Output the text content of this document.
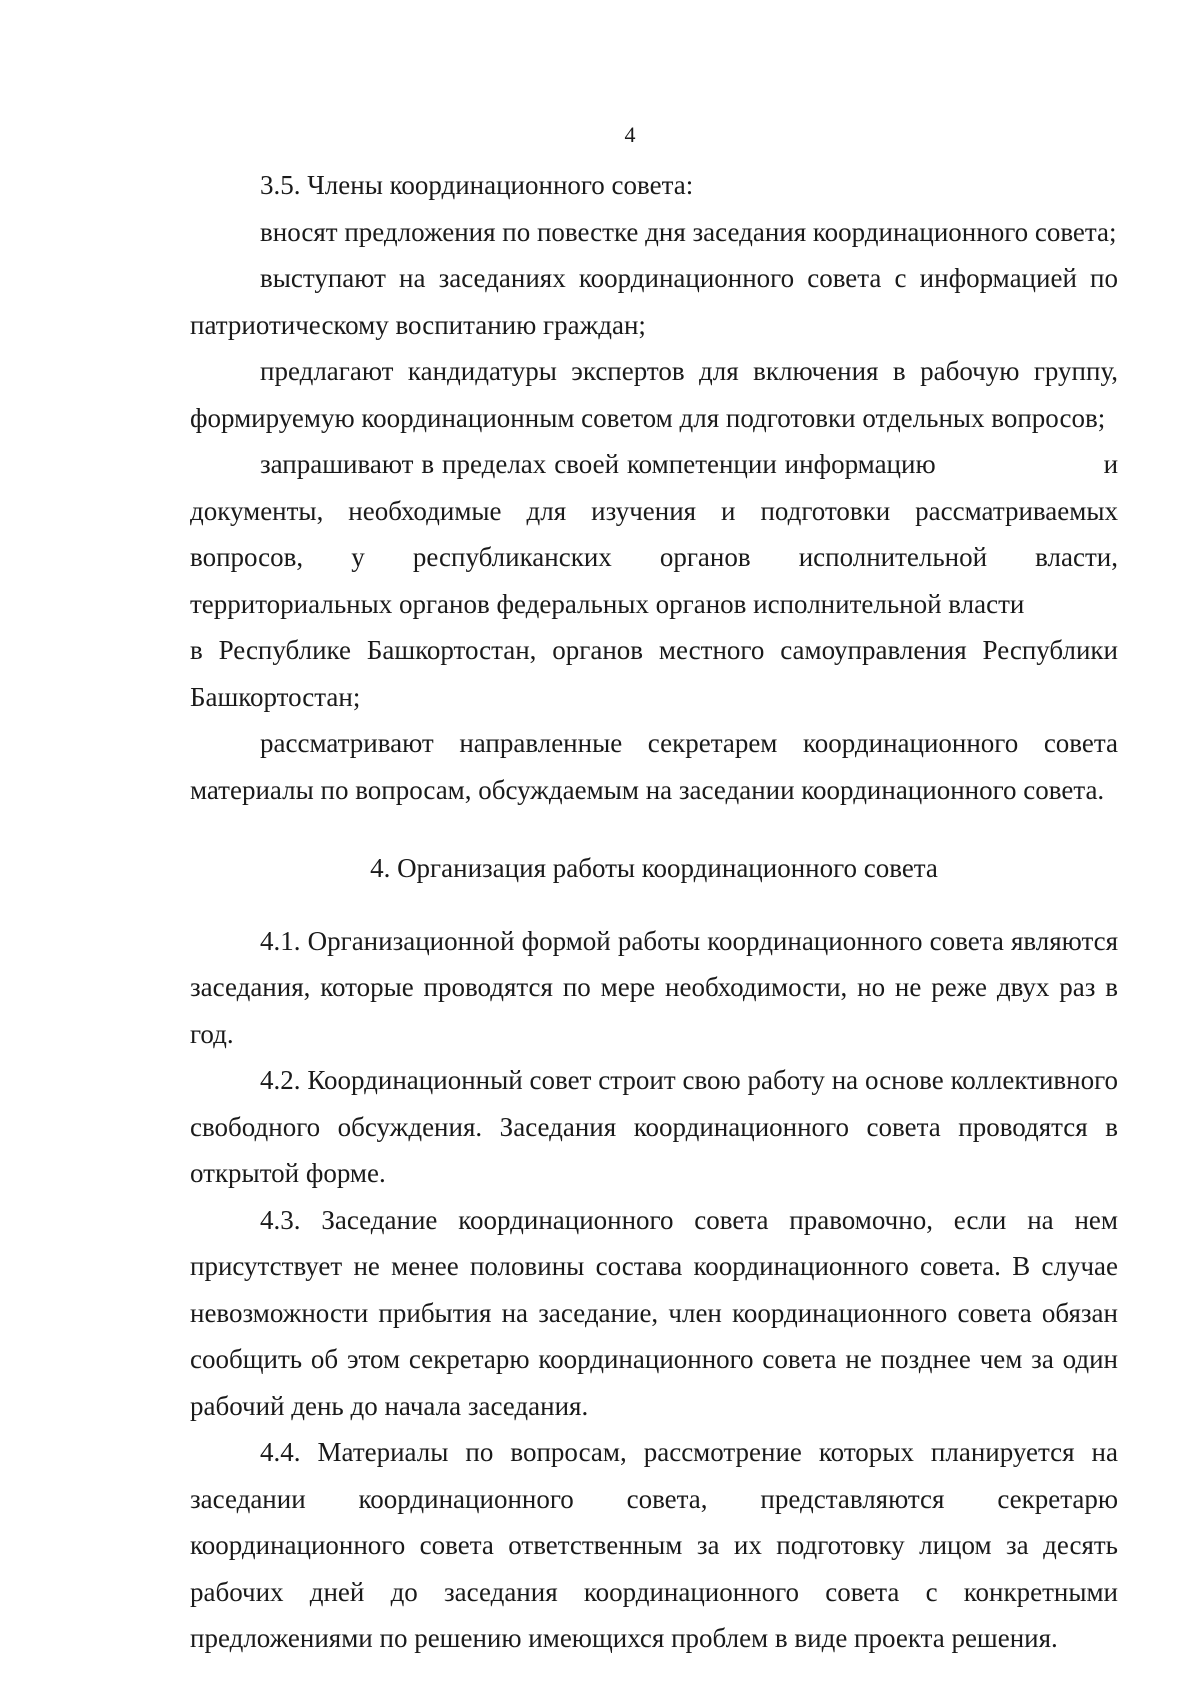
4

3.5. Члены координационного совета:

вносят предложения по повестке дня заседания координационного совета;

выступают на заседаниях координационного совета с информацией по патриотическому воспитанию граждан;

предлагают кандидатуры экспертов для включения в рабочую группу, формируемую координационным советом для подготовки отдельных вопросов;

запрашивают в пределах своей компетенции информацию	и документы, необходимые для изучения и подготовки рассматриваемых вопросов, у республиканских органов исполнительной власти, территориальных органов федеральных органов исполнительной власти в Республике Башкортостан, органов местного самоуправления Республики Башкортостан;

рассматривают направленные секретарем координационного совета материалы по вопросам, обсуждаемым на заседании координационного совета.

4. Организация работы координационного совета

4.1. Организационной формой работы координационного совета являются заседания, которые проводятся по мере необходимости, но не реже двух раз в год.

4.2. Координационный совет строит свою работу на основе коллективного свободного обсуждения. Заседания координационного совета проводятся в открытой форме.

4.3. Заседание координационного совета правомочно, если на нем присутствует не менее половины состава координационного совета. В случае невозможности прибытия на заседание, член координационного совета обязан сообщить об этом секретарю координационного совета не позднее чем за один рабочий день до начала заседания.

4.4. Материалы по вопросам, рассмотрение которых планируется на заседании координационного совета, представляются секретарю координационного совета ответственным за их подготовку лицом за десять рабочих дней до заседания координационного совета с конкретными предложениями по решению имеющихся проблем в виде проекта решения.
